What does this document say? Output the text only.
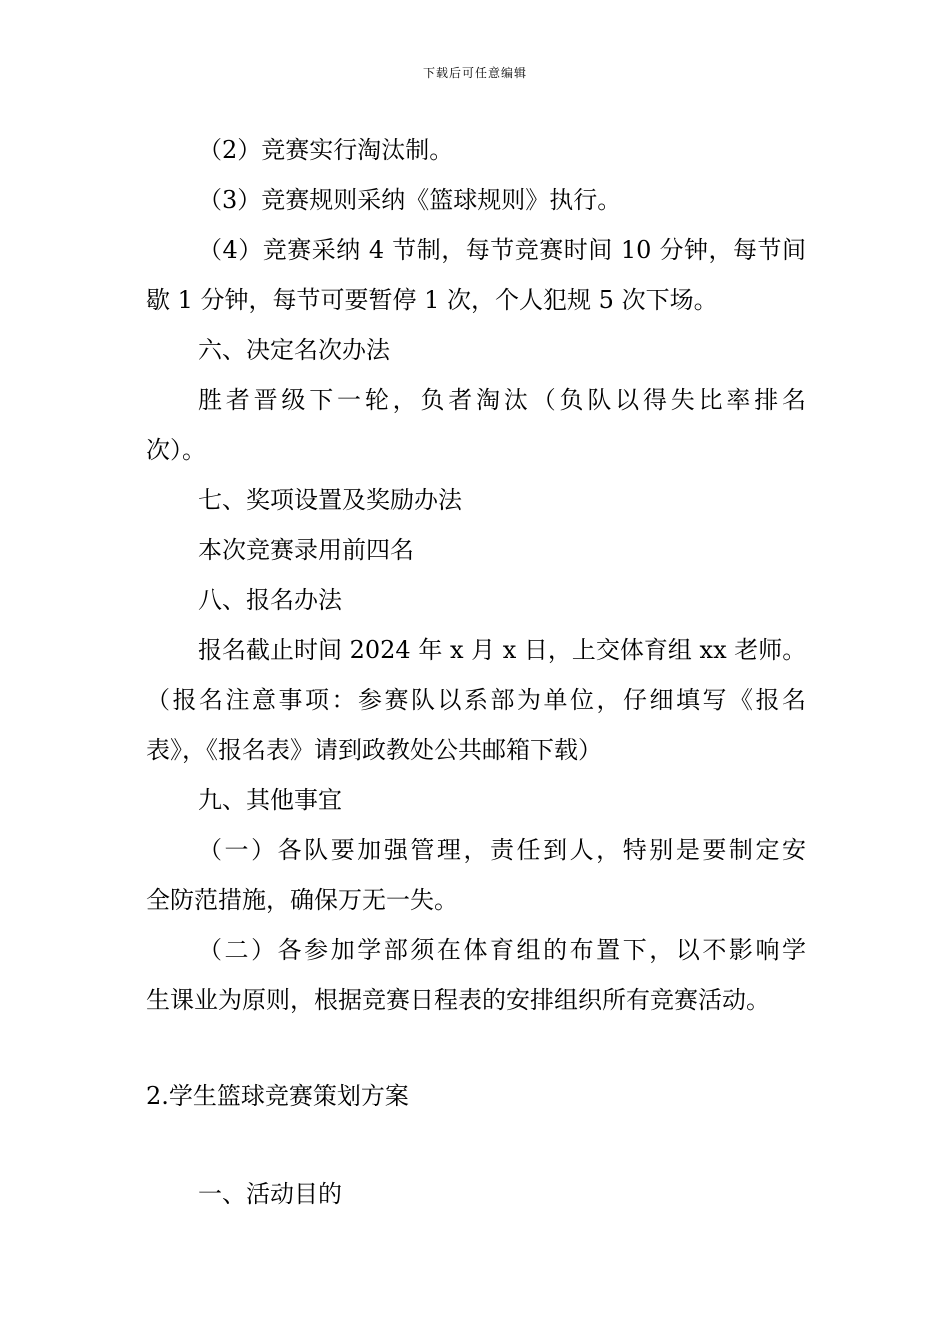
下载后可任意编辑
（2）竞赛实行淘汰制。
（3）竞赛规则采纳《篮球规则》执行。
（4）竞赛采纳 4 节制，每节竞赛时间 10 分钟，每节间
歇 1 分钟，每节可要暂停 1 次，个人犯规 5 次下场。
六、决定名次办法
胜者晋级下一轮，负者淘汰（负队以得失比率排名
次）。
七、奖项设置及奖励办法
本次竞赛录用前四名
八、报名办法
报名截止时间 2024 年 x 月 x 日，上交体育组 xx 老师。
（报名注意事项：参赛队以系部为单位，仔细填写《报名
表》，《报名表》请到政教处公共邮箱下载）
九、其他事宜
（一）各队要加强管理，责任到人，特别是要制定安
全防范措施，确保万无一失。
（二）各参加学部须在体育组的布置下，以不影响学
生课业为原则，根据竞赛日程表的安排组织所有竞赛活动。
2.学生篮球竞赛策划方案
一、活动目的
